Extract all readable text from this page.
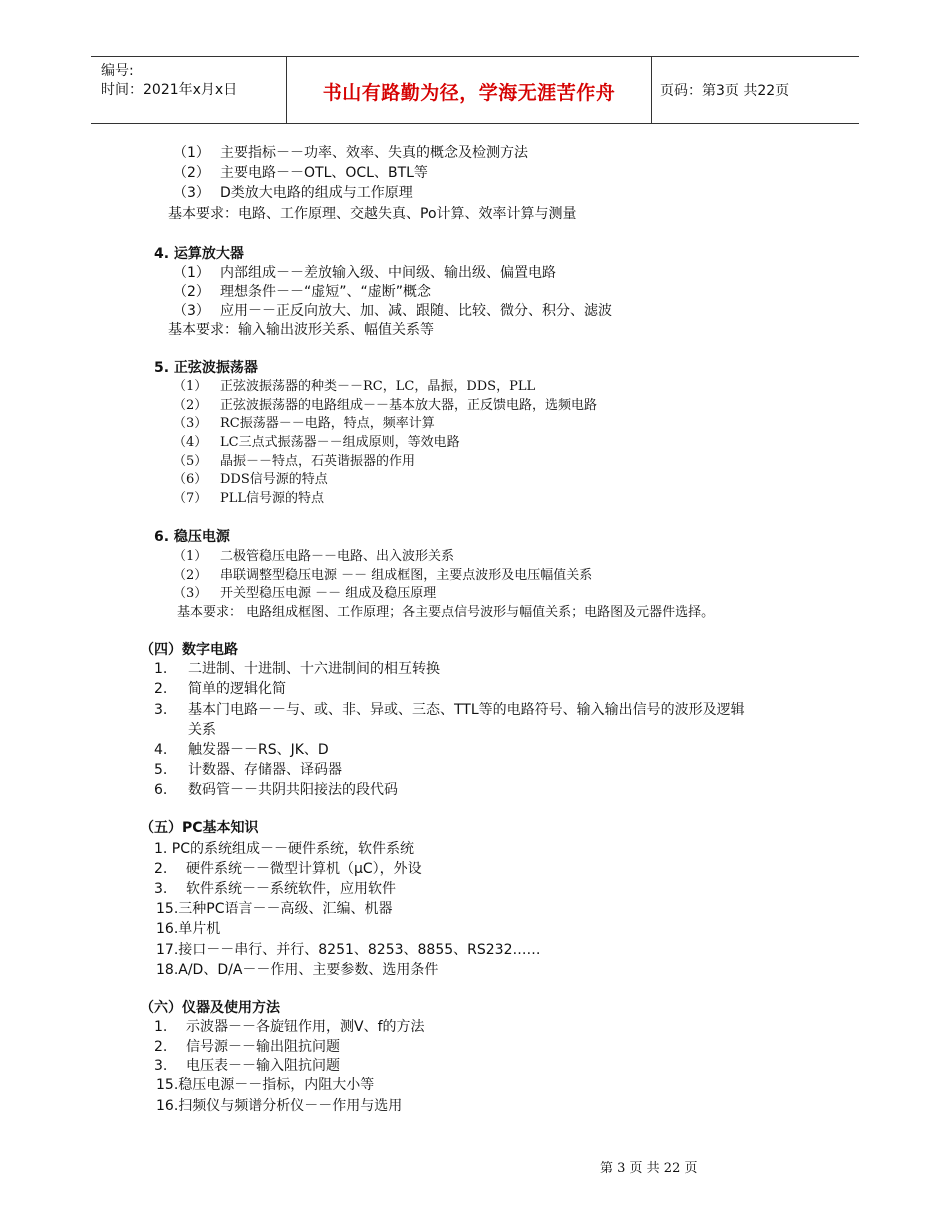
编号:
时间：2021年x月x日	书山有路勤为径，学海无涯苦作舟	页码：第3页 共22页
（1） 主要指标－－功率、效率、失真的概念及检测方法
（2） 主要电路－－OTL、OCL、BTL等
（3） D类放大电路的组成与工作原理
基本要求：电路、工作原理、交越失真、Po计算、效率计算与测量
4. 运算放大器
（1） 内部组成－－差放输入级、中间级、输出级、偏置电路
（2） 理想条件－－“虚短”、“虚断”概念
（3） 应用－－正反向放大、加、减、跟随、比较、微分、积分、滤波
基本要求：输入输出波形关系、幅值关系等
5. 正弦波振荡器
（1） 正弦波振荡器的种类－－RC，LC，晶振，DDS，PLL
（2） 正弦波振荡器的电路组成－－基本放大器，正反馈电路，选频电路
（3） RC振荡器－－电路，特点，频率计算
（4） LC三点式振荡器－－组成原则，等效电路
（5） 晶振－－特点，石英谐振器的作用
（6） DDS信号源的特点
（7） PLL信号源的特点
6. 稳压电源
（1） 二极管稳压电路－－电路、出入波形关系
（2） 串联调整型稳压电源 －－ 组成框图，主要点波形及电压幅值关系
（3） 开关型稳压电源 －－ 组成及稳压原理
基本要求： 电路组成框图、工作原理；各主要点信号波形与幅值关系；电路图及元器件选择。
（四）数字电路
1. 二进制、十进制、十六进制间的相互转换
2. 简单的逻辑化简
3. 基本门电路－－与、或、非、异或、三态、TTL等的电路符号、输入输出信号的波形及逻辑
关系
4. 触发器－－RS、JK、D
5. 计数器、存储器、译码器
6. 数码管－－共阴共阳接法的段代码
（五）PC基本知识
1. PC的系统组成－－硬件系统，软件系统
2. 硬件系统－－微型计算机（μC），外设
3. 软件系统－－系统软件，应用软件
15.三种PC语言－－高级、汇编、机器
16.单片机
17.接口－－串行、并行、8251、8253、8855、RS232……
18.A/D、D/A－－作用、主要参数、选用条件
（六）仪器及使用方法
1. 示波器－－各旋钮作用，测V、f的方法
2. 信号源－－输出阻抗问题
3. 电压表－－输入阻抗问题
15.稳压电源－－指标，内阻大小等
16.扫频仪与频谱分析仪－－作用与选用
第 3 页 共 22 页
